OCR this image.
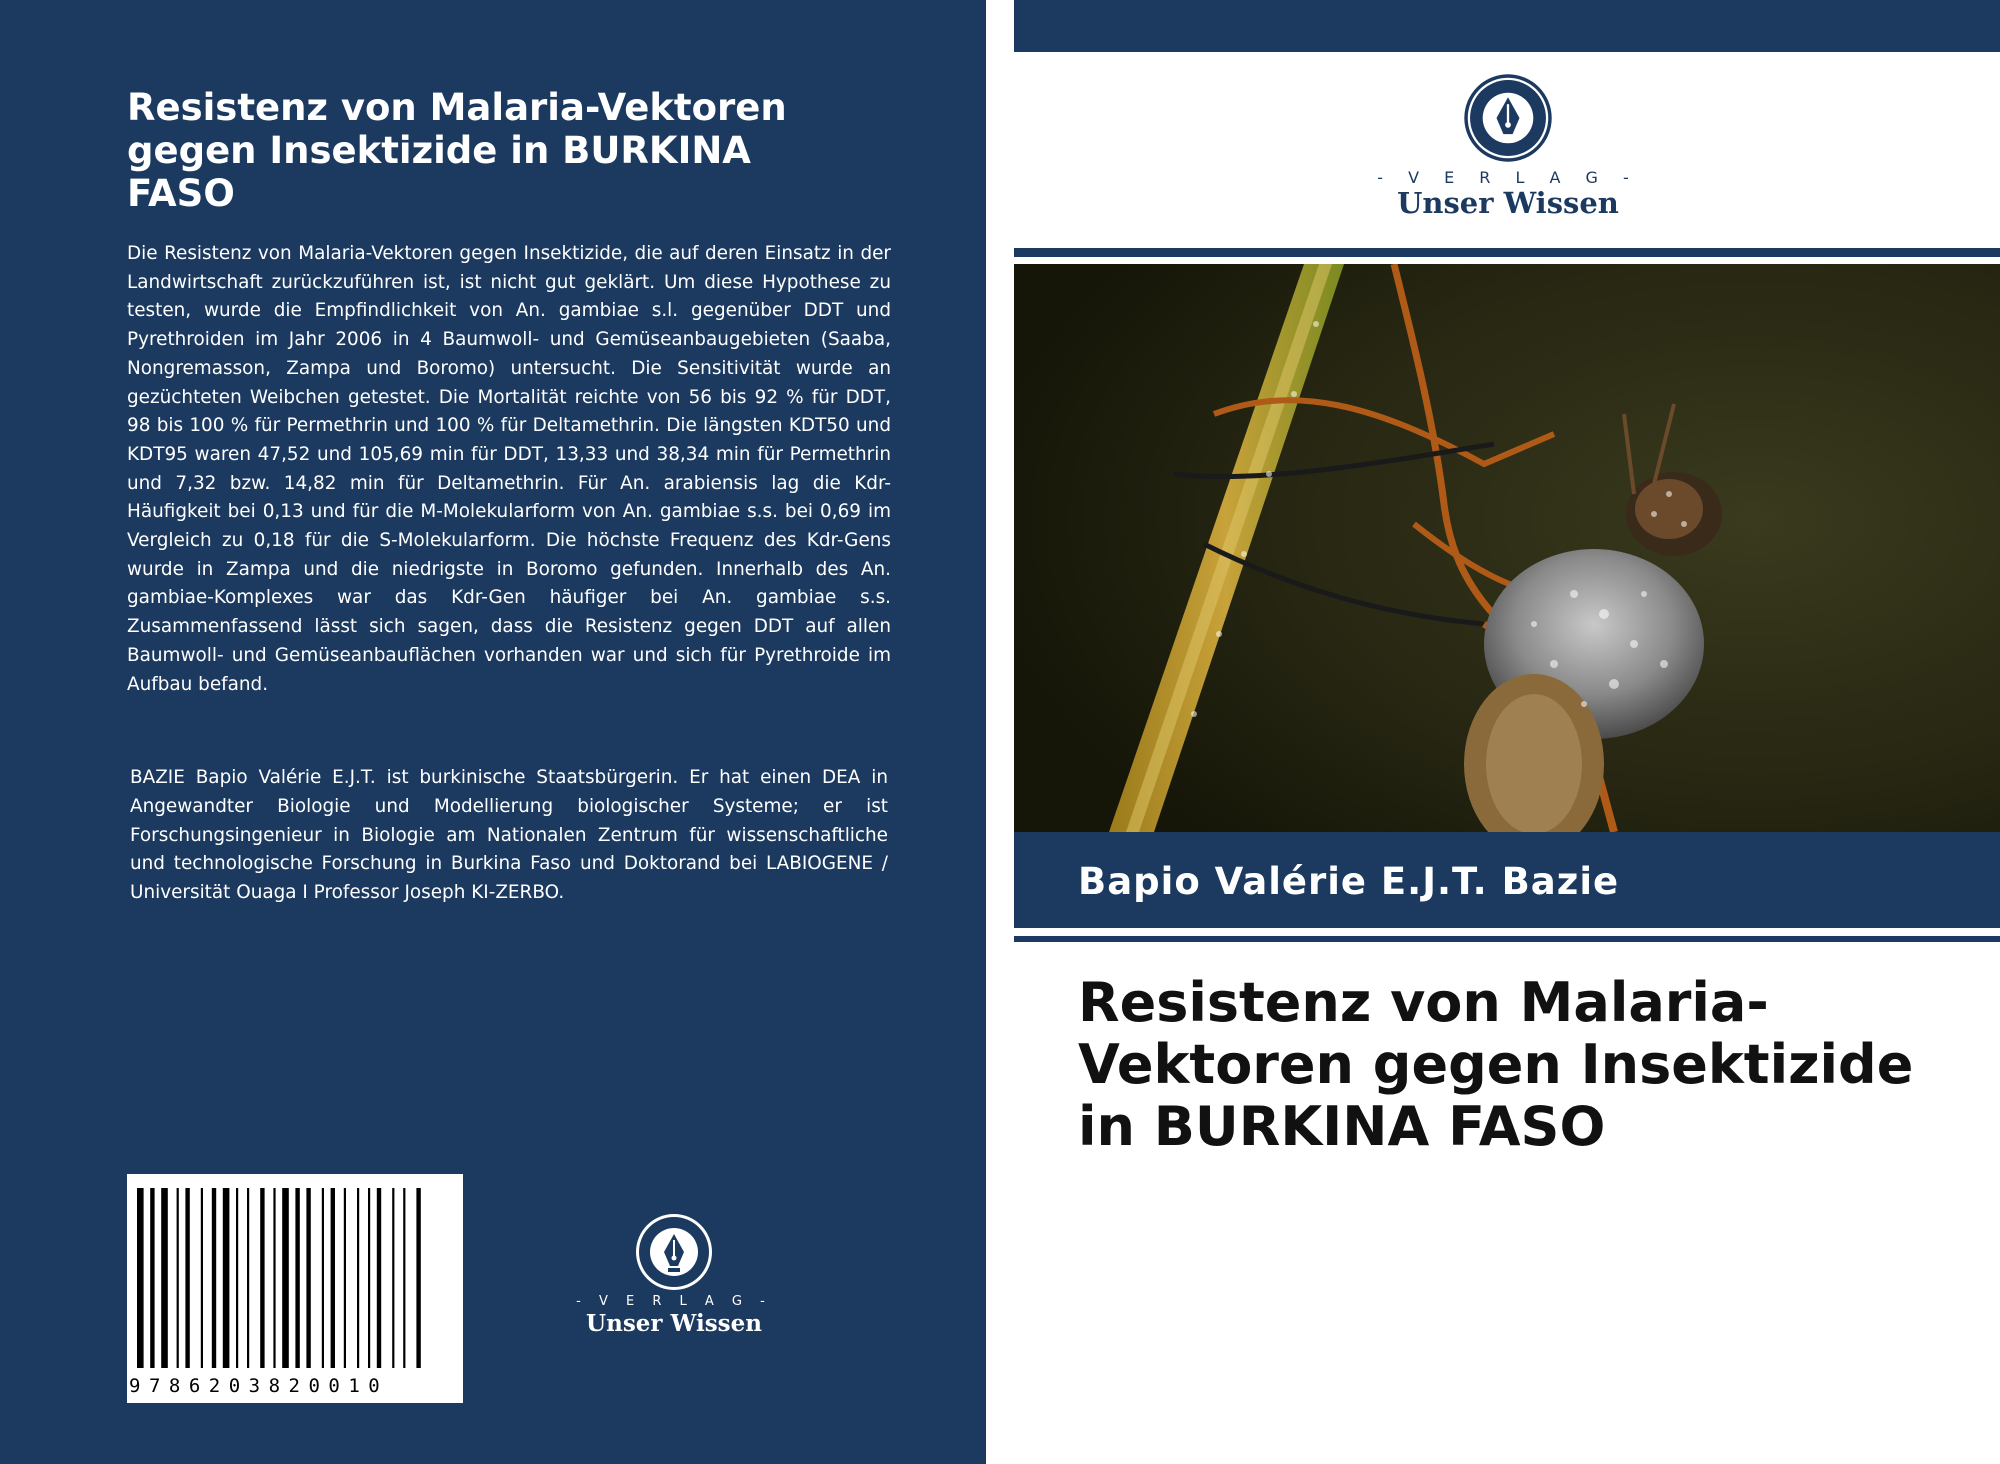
Resistenz von Malaria-Vektoren gegen Insektizide in BURKINA FASO

Die Resistenz von Malaria-Vektoren gegen Insektizide, die auf deren Einsatz in der Landwirtschaft zurückzuführen ist, ist nicht gut geklärt. Um diese Hypothese zu testen, wurde die Empfindlichkeit von An. gambiae s.l. gegenüber DDT und Pyrethroiden im Jahr 2006 in 4 Baumwoll- und Gemüseanbaugebieten (Saaba, Nongremasson, Zampa und Boromo) untersucht. Die Sensitivität wurde an gezüchteten Weibchen getestet. Die Mortalität reichte von 56 bis 92 % für DDT, 98 bis 100 % für Permethrin und 100 % für Deltamethrin. Die längsten KDT50 und KDT95 waren 47,52 und 105,69 min für DDT, 13,33 und 38,34 min für Permethrin und 7,32 bzw. 14,82 min für Deltamethrin. Für An. arabiensis lag die Kdr-Häufigkeit bei 0,13 und für die M-Molekularform von An. gambiae s.s. bei 0,69 im Vergleich zu 0,18 für die S-Molekularform. Die höchste Frequenz des Kdr-Gens wurde in Zampa und die niedrigste in Boromo gefunden. Innerhalb des An. gambiae-Komplexes war das Kdr-Gen häufiger bei An. gambiae s.s. Zusammenfassend lässt sich sagen, dass die Resistenz gegen DDT auf allen Baumwoll- und Gemüseanbauflächen vorhanden war und sich für Pyrethroide im Aufbau befand.

BAZIE Bapio Valérie E.J.T. ist burkinische Staatsbürgerin. Er hat einen DEA in Angewandter Biologie und Modellierung biologischer Systeme; er ist Forschungsingenieur in Biologie am Nationalen Zentrum für wissenschaftliche und technologische Forschung in Burkina Faso und Doktorand bei LABIOGENE / Universität Ouaga I Professor Joseph KI-ZERBO.

9786203820010
- V E R L A G -
Unser Wissen
- V E R L A G -
Unser Wissen

Bapio Valérie E.J.T. Bazie

Resistenz von Malaria-Vektoren gegen Insektizide in BURKINA FASO
